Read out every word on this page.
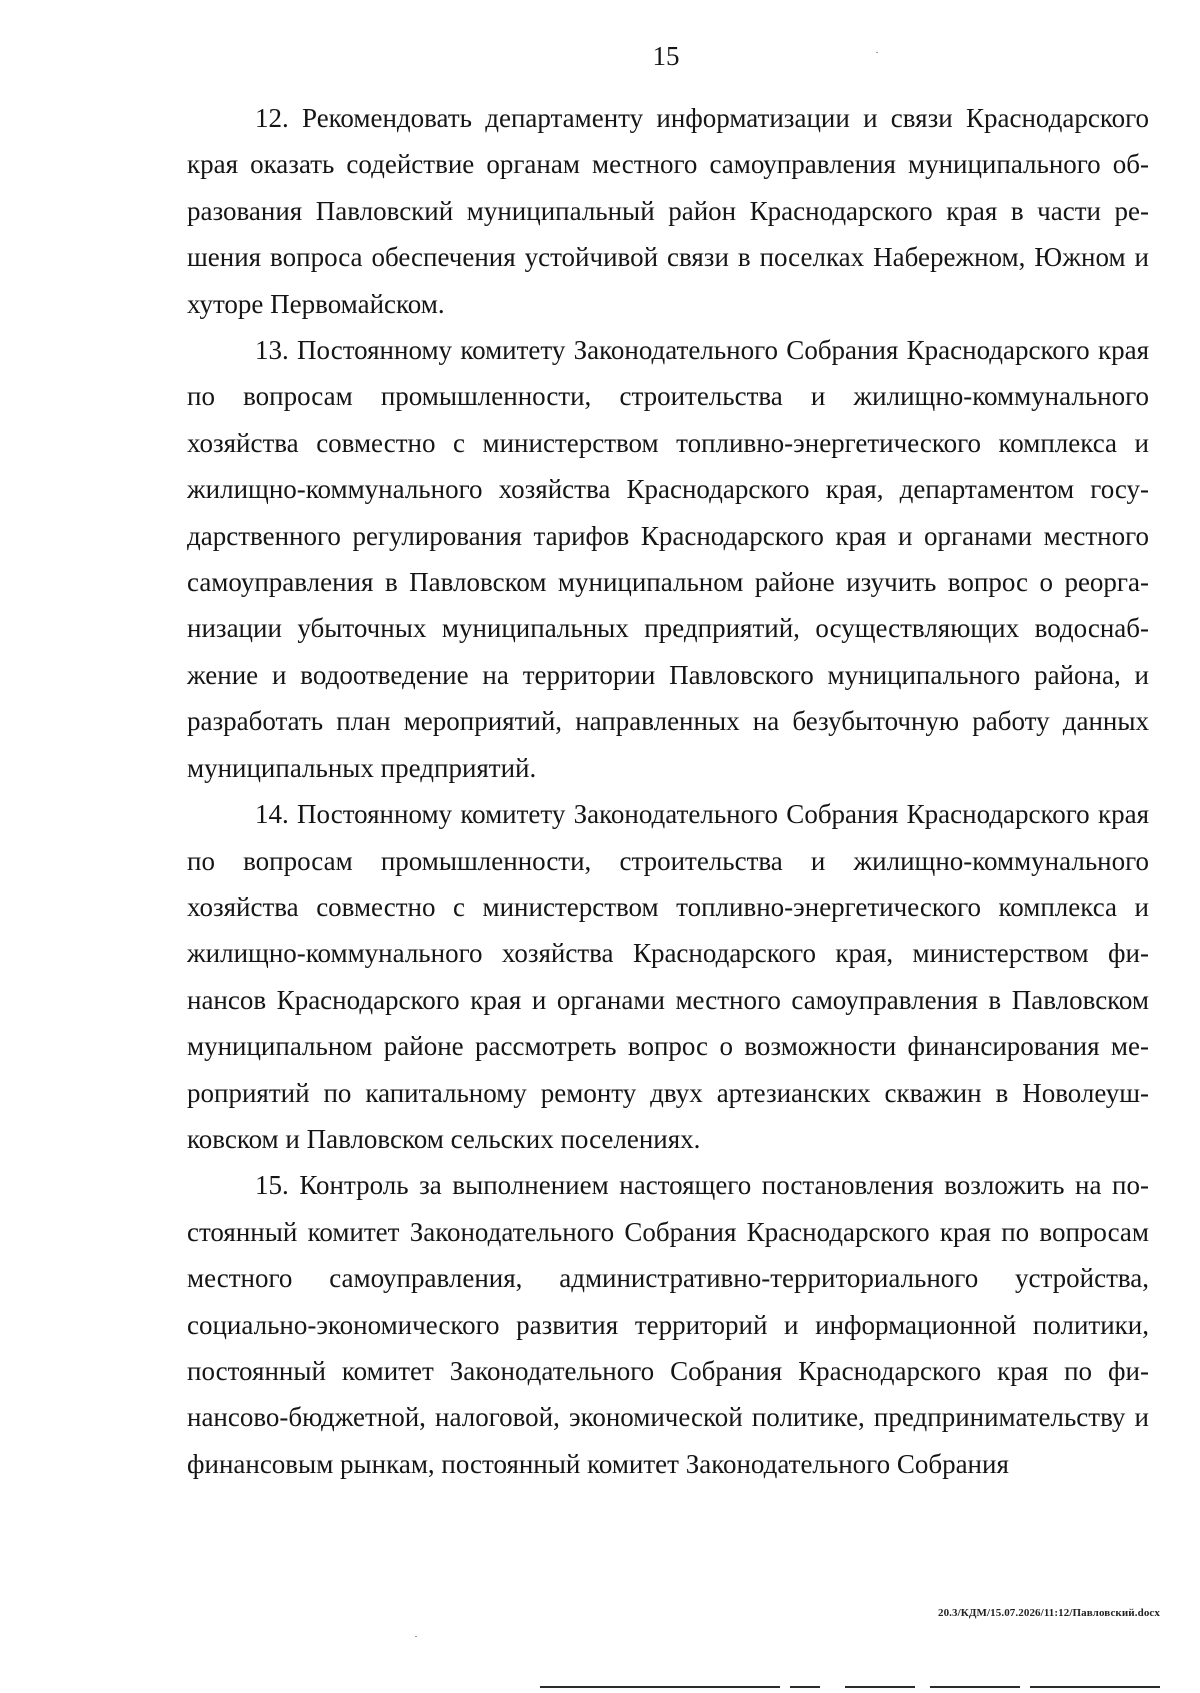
15

12. Рекомендовать департаменту информатизации и связи Краснодарского края оказать содействие органам местного самоуправления муниципального образования Павловский муниципальный район Краснодарского края в части решения вопроса обеспечения устойчивой связи в поселках Набережном, Южном и хуторе Первомайском.

13. Постоянному комитету Законодательного Собрания Краснодарского края по вопросам промышленности, строительства и жилищно-коммунального хозяйства совместно с министерством топливно-энергетического комплекса и жилищно-коммунального хозяйства Краснодарского края, департаментом государственного регулирования тарифов Краснодарского края и органами местного самоуправления в Павловском муниципальном районе изучить вопрос о реорганизации убыточных муниципальных предприятий, осуществляющих водоснабжение и водоотведение на территории Павловского муниципального района, и разработать план мероприятий, направленных на безубыточную работу данных муниципальных предприятий.

14. Постоянному комитету Законодательного Собрания Краснодарского края по вопросам промышленности, строительства и жилищно-коммунального хозяйства совместно с министерством топливно-энергетического комплекса и жилищно-коммунального хозяйства Краснодарского края, министерством финансов Краснодарского края и органами местного самоуправления в Павловском муниципальном районе рассмотреть вопрос о возможности финансирования мероприятий по капитальному ремонту двух артезианских скважин в Новолеушковском и Павловском сельских поселениях.

15. Контроль за выполнением настоящего постановления возложить на постоянный комитет Законодательного Собрания Краснодарского края по вопросам местного самоуправления, административно-территориального устройства, социально-экономического развития территорий и информационной политики, постоянный комитет Законодательного Собрания Краснодарского края по финансово-бюджетной, налоговой, экономической политике, предпринимательству и финансовым рынкам, постоянный комитет Законодательного Собрания

20.3/КДМ/15.07.2026/11:12/Павловский.docx
